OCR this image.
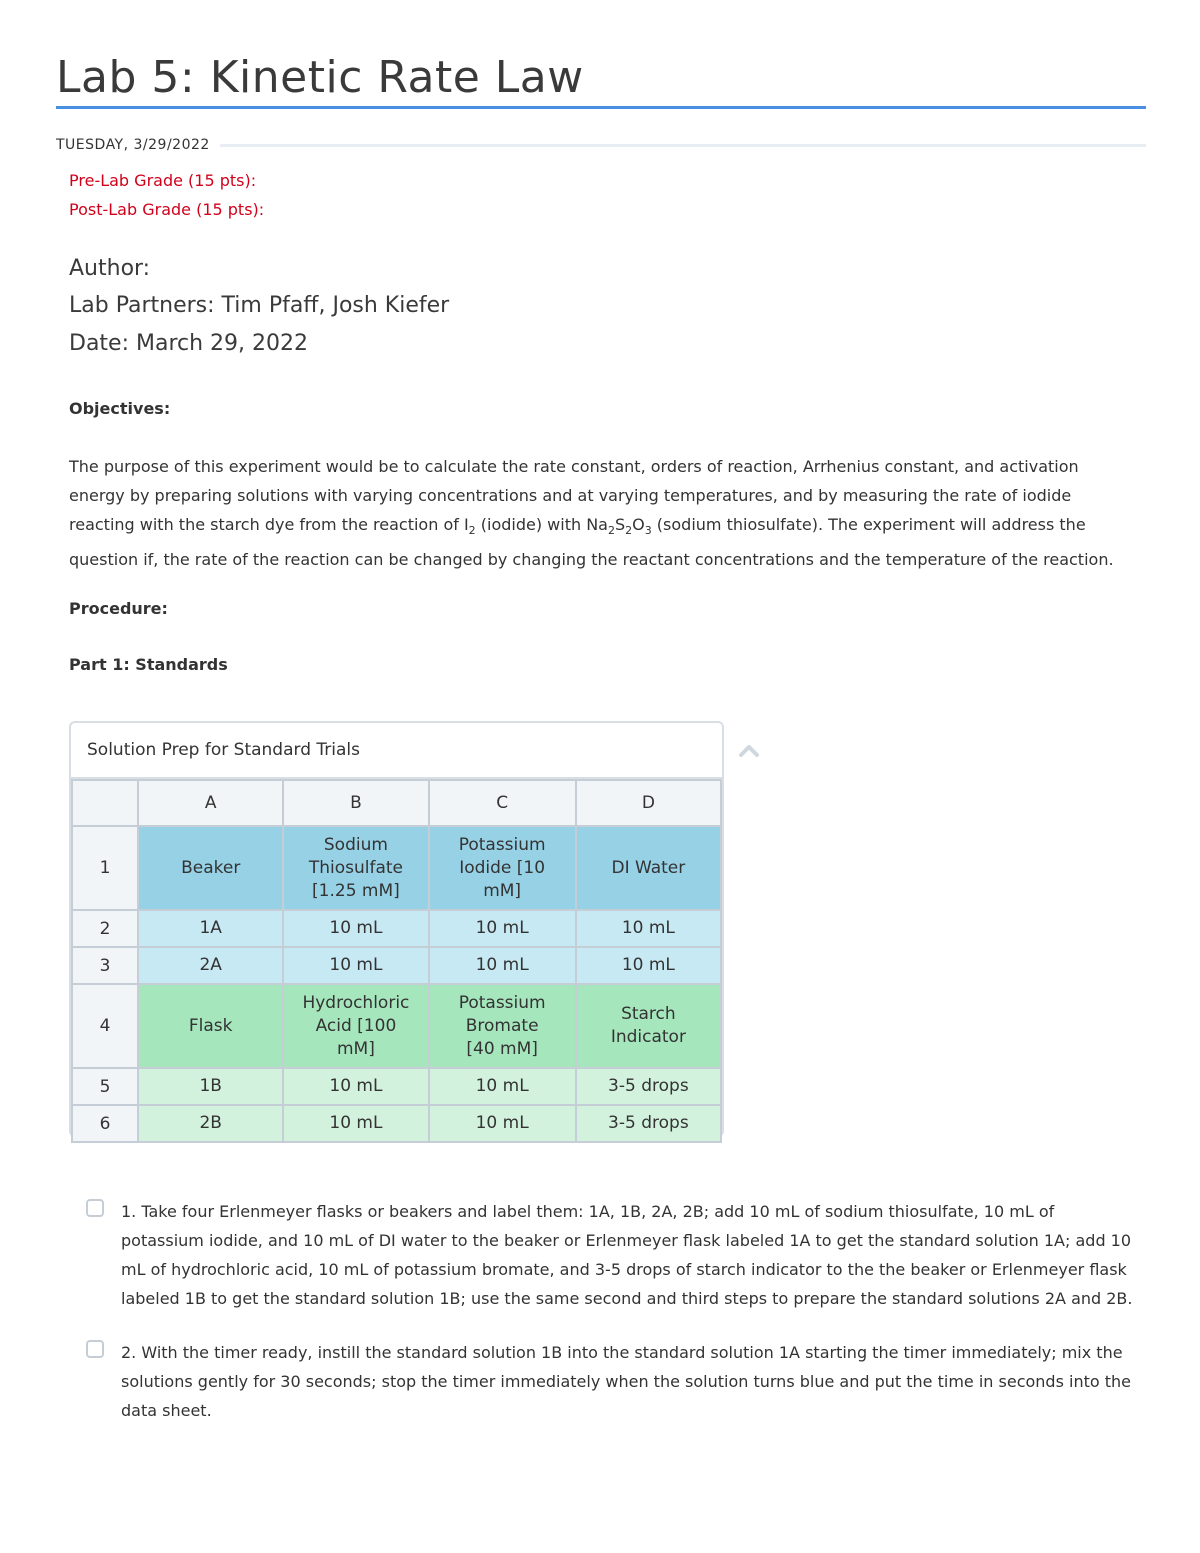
Lab 5: Kinetic Rate Law
TUESDAY, 3/29/2022
Pre-Lab Grade (15 pts):
Post-Lab Grade (15 pts):
Author:
Lab Partners: Tim Pfaff, Josh Kiefer
Date: March 29, 2022
Objectives:
The purpose of this experiment would be to calculate the rate constant, orders of reaction, Arrhenius constant, and activation energy by preparing solutions with varying concentrations and at varying temperatures, and by measuring the rate of iodide reacting with the starch dye from the reaction of $I_2$ (iodide) with $Na_2S_2O_3$ (sodium thiosulfate). The experiment will address the question if, the rate of the reaction can be changed by changing the reactant concentrations and the temperature of the reaction.
Procedure:
Part 1: Standards
Solution Prep for Standard Trials
	A	B	C	D
1	Beaker	Sodium Thiosulfate [1.25 mM]	Potassium Iodide [10 mM]	DI Water
2	1A	10 mL	10 mL	10 mL
3	2A	10 mL	10 mL	10 mL
4	Flask	Hydrochloric Acid [100 mM]	Potassium Bromate [40 mM]	Starch Indicator

5	1B	10 mL	10 mL	3-5 drops
6	2B	10 mL	10 mL	3-5 drops
1. Take four Erlenmeyer flasks or beakers and label them: 1A, 1B, 2A, 2B; add 10 mL of sodium thiosulfate, 10 mL of potassium iodide, and 10 mL of DI water to the beaker or Erlenmeyer flask labeled 1A to get the standard solution 1A; add 10 mL of hydrochloric acid, 10 mL of potassium bromate, and 3-5 drops of starch indicator to the the beaker or Erlenmeyer flask labeled 1B to get the standard solution 1B; use the same second and third steps to prepare the standard solutions 2A and 2B.
2. With the timer ready, instill the standard solution 1B into the standard solution 1A starting the timer immediately; mix the solutions gently for 30 seconds; stop the timer immediately when the solution turns blue and put the time in seconds into the data sheet.
